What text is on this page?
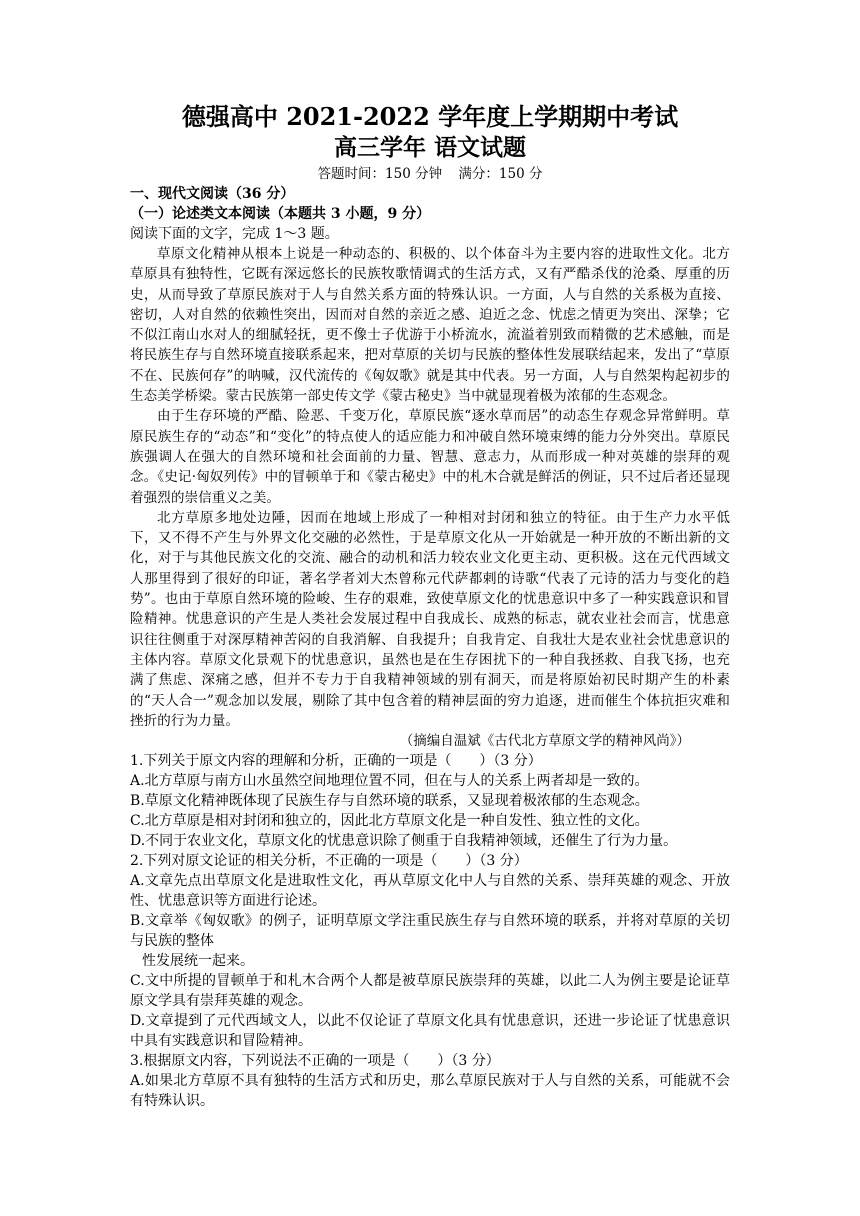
德强高中 2021-2022 学年度上学期期中考试
高三学年 语文试题
答题时间：150 分钟 满分：150 分
一、现代文阅读（36 分）
（一）论述类文本阅读（本题共 3 小题，9 分）
阅读下面的文字，完成 1～3 题。
草原文化精神从根本上说是一种动态的、积极的、以个体奋斗为主要内容的进取性文化。北方草原具有独特性，它既有深远悠长的民族牧歌情调式的生活方式，又有严酷杀伐的沧桑、厚重的历史，从而导致了草原民族对于人与自然关系方面的特殊认识。一方面，人与自然的关系极为直接、密切，人对自然的依赖性突出，因而对自然的亲近之感、迫近之念、忧虑之情更为突出、深挚；它不似江南山水对人的细腻轻抚，更不像士子优游于小桥流水，流溢着别致而精微的艺术感触，而是将民族生存与自然环境直接联系起来，把对草原的关切与民族的整体性发展联结起来，发出了“草原不在、民族何存”的呐喊，汉代流传的《匈奴歌》就是其中代表。另一方面，人与自然架构起初步的生态美学桥梁。蒙古民族第一部史传文学《蒙古秘史》当中就显现着极为浓郁的生态观念。
由于生存环境的严酷、险恶、千变万化，草原民族“逐水草而居”的动态生存观念异常鲜明。草原民族生存的“动态”和“变化”的特点使人的适应能力和冲破自然环境束缚的能力分外突出。草原民族强调人在强大的自然环境和社会面前的力量、智慧、意志力，从而形成一种对英雄的崇拜的观念。《史记·匈奴列传》中的冒顿单于和《蒙古秘史》中的札木合就是鲜活的例证，只不过后者还显现着强烈的崇信重义之美。
北方草原多地处边陲，因而在地域上形成了一种相对封闭和独立的特征。由于生产力水平低下，又不得不产生与外界文化交融的必然性，于是草原文化从一开始就是一种开放的不断出新的文化，对于与其他民族文化的交流、融合的动机和活力较农业文化更主动、更积极。这在元代西域文人那里得到了很好的印证，著名学者刘大杰曾称元代萨都剌的诗歌“代表了元诗的活力与变化的趋势”。也由于草原自然环境的险峻、生存的艰难，致使草原文化的忧患意识中多了一种实践意识和冒险精神。忧患意识的产生是人类社会发展过程中自我成长、成熟的标志，就农业社会而言，忧患意识往往侧重于对深厚精神苦闷的自我消解、自我提升；自我肯定、自我壮大是农业社会忧患意识的主体内容。草原文化景观下的忧患意识，虽然也是在生存困扰下的一种自我拯救、自我飞扬，也充满了焦虑、深痛之感，但并不专力于自我精神领域的别有洞天，而是将原始初民时期产生的朴素的“天人合一”观念加以发展，剔除了其中包含着的精神层面的穷力追逐，进而催生个体抗拒灾难和挫折的行为力量。
（摘编自温斌《古代北方草原文学的精神风尚》）
1.下列关于原文内容的理解和分析，正确的一项是（　　）（3 分）
A.北方草原与南方山水虽然空间地理位置不同，但在与人的关系上两者却是一致的。
B.草原文化精神既体现了民族生存与自然环境的联系，又显现着极浓郁的生态观念。
C.北方草原是相对封闭和独立的，因此北方草原文化是一种自发性、独立性的文化。
D.不同于农业文化，草原文化的忧患意识除了侧重于自我精神领域，还催生了行为力量。
2.下列对原文论证的相关分析，不正确的一项是（　　）（3 分）
A.文章先点出草原文化是进取性文化，再从草原文化中人与自然的关系、崇拜英雄的观念、开放性、忧患意识等方面进行论述。
B.文章举《匈奴歌》的例子，证明草原文学注重民族生存与自然环境的联系，并将对草原的关切与民族的整体
性发展统一起来。
C.文中所提的冒顿单于和札木合两个人都是被草原民族崇拜的英雄，以此二人为例主要是论证草原文学具有崇拜英雄的观念。
D.文章提到了元代西域文人，以此不仅论证了草原文化具有忧患意识，还进一步论证了忧患意识中具有实践意识和冒险精神。
3.根据原文内容，下列说法不正确的一项是（　　）（3 分）
A.如果北方草原不具有独特的生活方式和历史，那么草原民族对于人与自然的关系，可能就不会有特殊认识。
